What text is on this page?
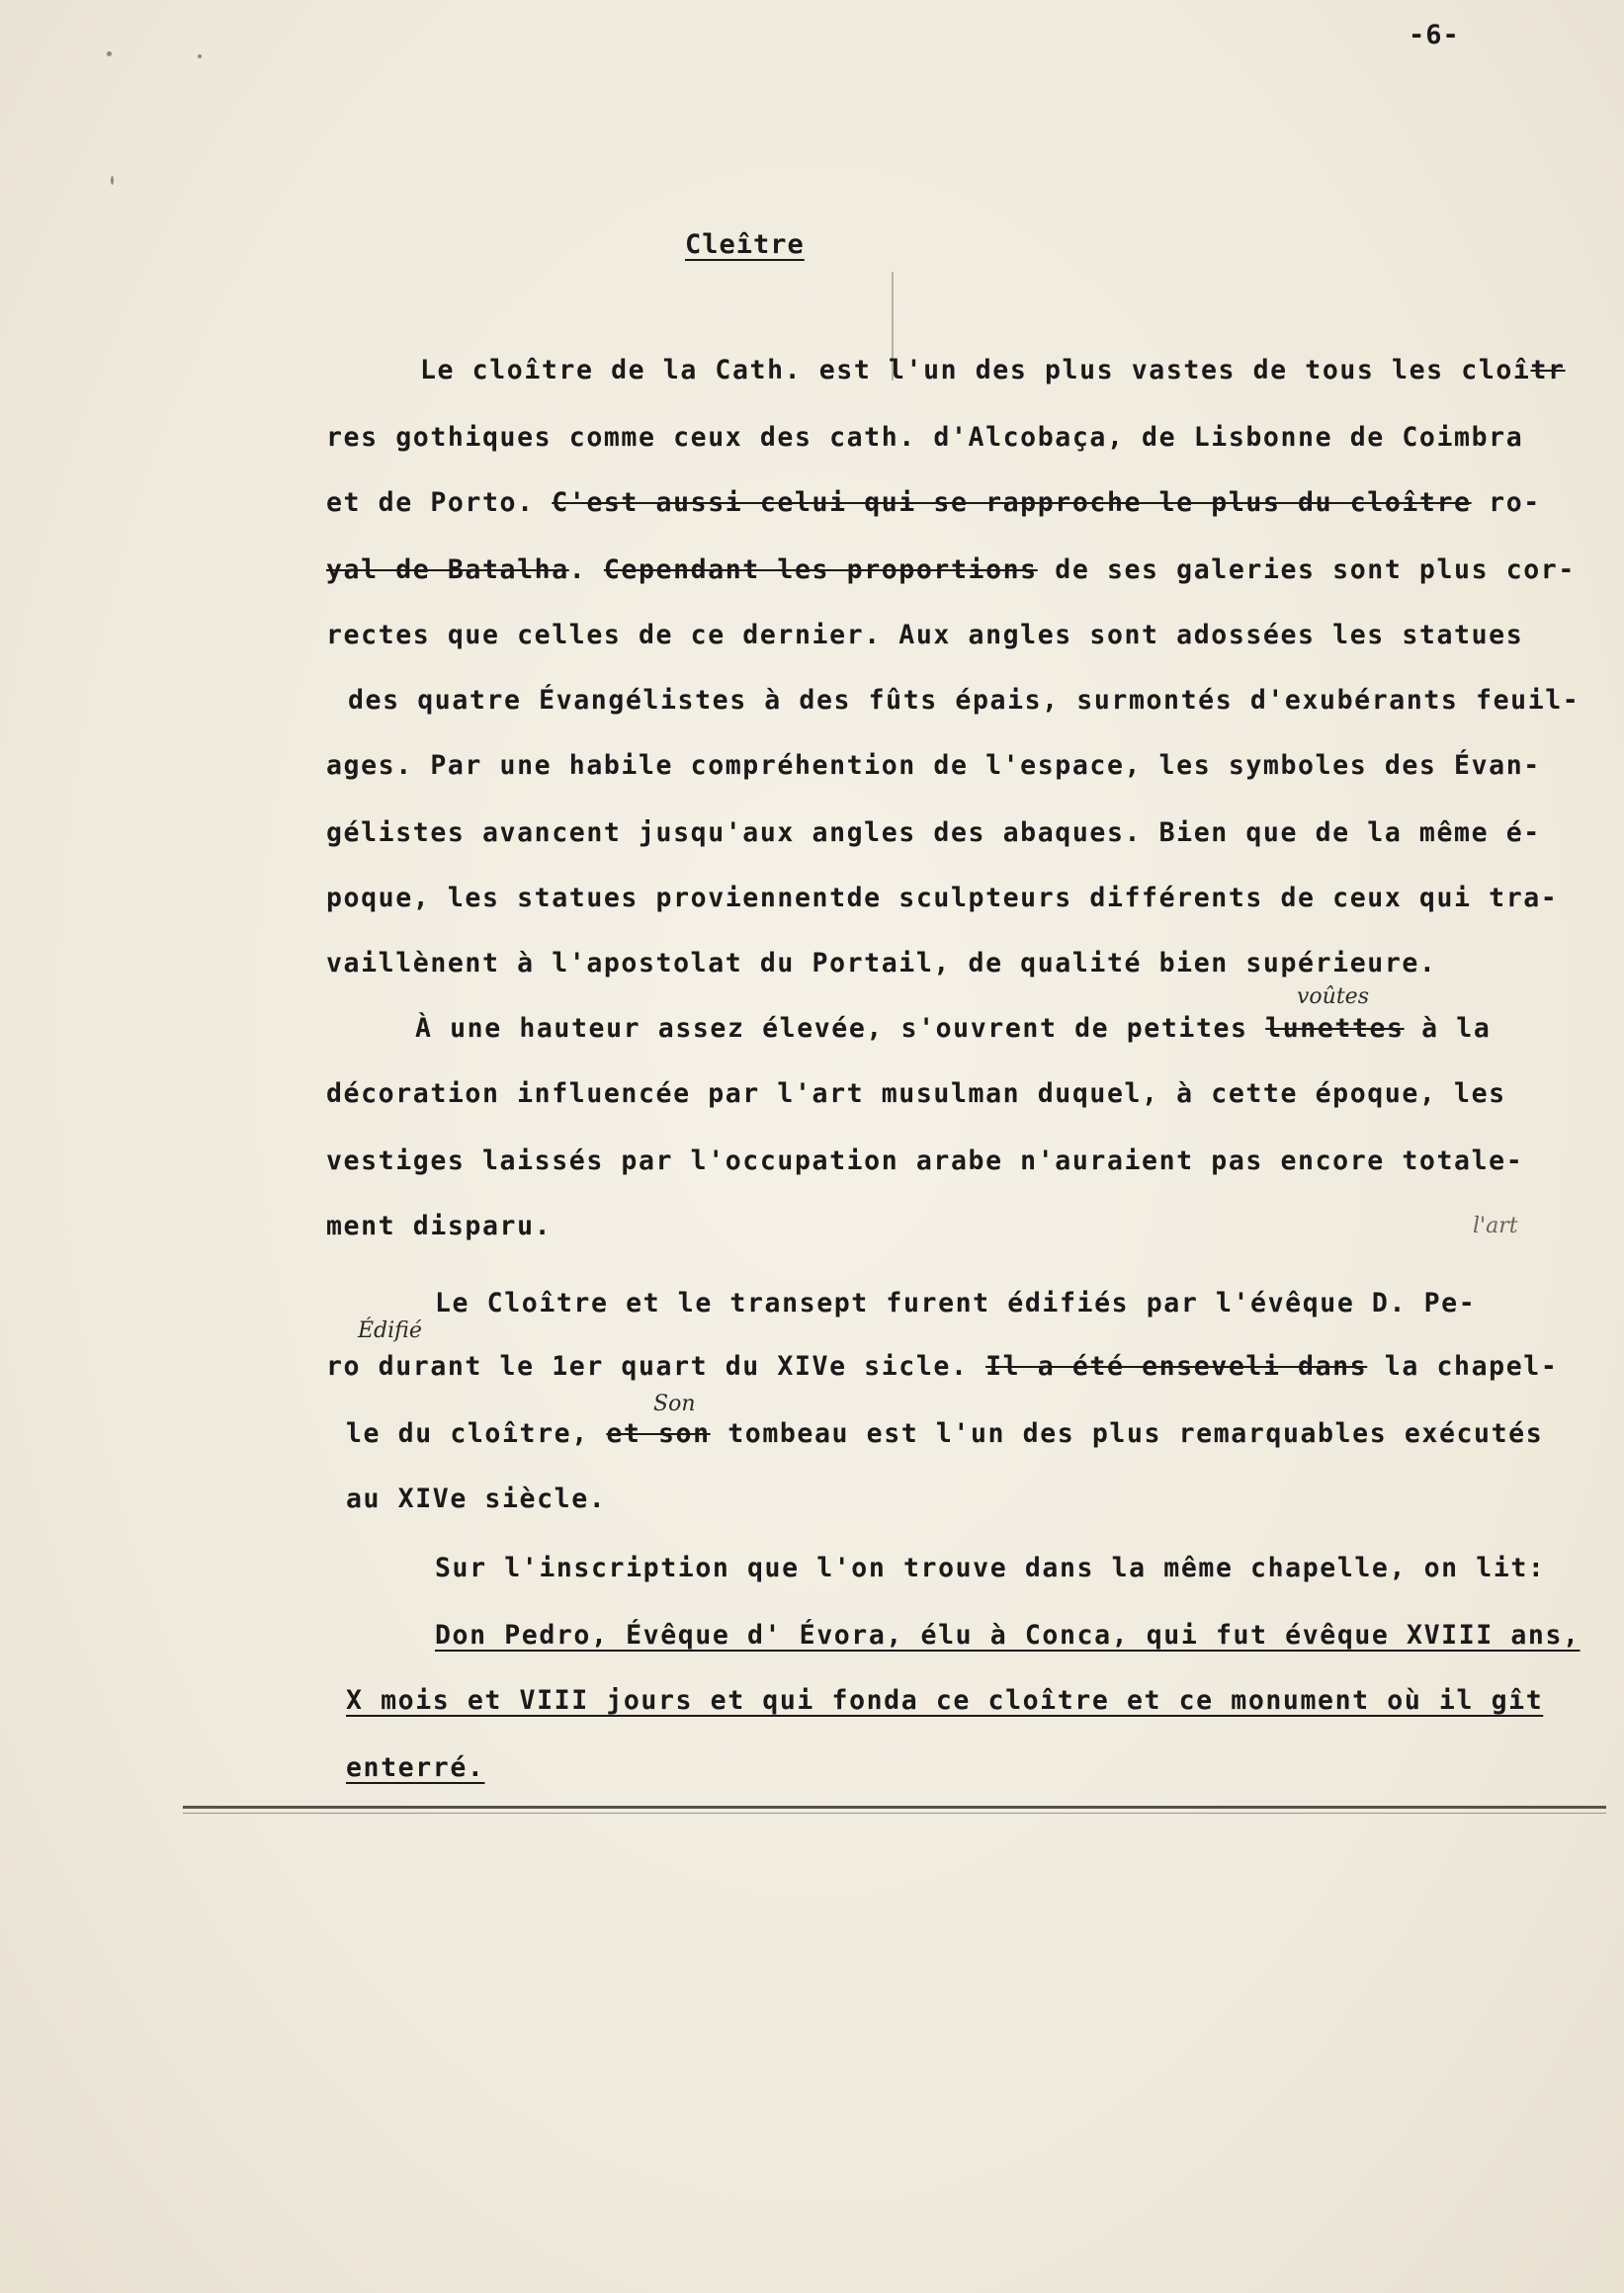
-6-
Cleître
Le cloître de la Cath. est l'un des plus vastes de tous les cloîtr
res gothiques comme ceux des cath. d'Alcobaça, de Lisbonne de Coimbra
et de Porto. C'est aussi celui qui se rapproche le plus du cloître ro-
yal de Batalha. Cependant les proportions de ses galeries sont plus cor-
rectes que celles de ce dernier. Aux angles sont adossées les statues
des quatre Évangélistes à des fûts épais, surmontés d'exubérants feuil-
ages. Par une habile compréhention de l'espace, les symboles des Évan-
gélistes avancent jusqu'aux angles des abaques. Bien que de la même é-
poque, les statues proviennentde sculpteurs différents de ceux qui tra-
vaillènent à l'apostolat du Portail, de qualité bien supérieure.
À une hauteur assez élevée, s'ouvrent de petites lunettes à la
décoration influencée par l'art musulman duquel, à cette époque, les
vestiges laissés par l'occupation arabe n'auraient pas encore totale-
ment disparu.
Le Cloître et le transept furent édifiés par l'évêque D. Pe-
ro durant le 1er quart du XIVe sicle. Il a été enseveli dans la chapel-
le du cloître, et son tombeau est l'un des plus remarquables exécutés
au XIVe siècle.
Sur l'inscription que l'on trouve dans la même chapelle, on lit:
Don Pedro, Évêque d' Évora, élu à Conca, qui fut évêque XVIII ans,
X mois et VIII jours et qui fonda ce cloître et ce monument où il gît
enterré.
voûtes
Édifié
Son
l'art
